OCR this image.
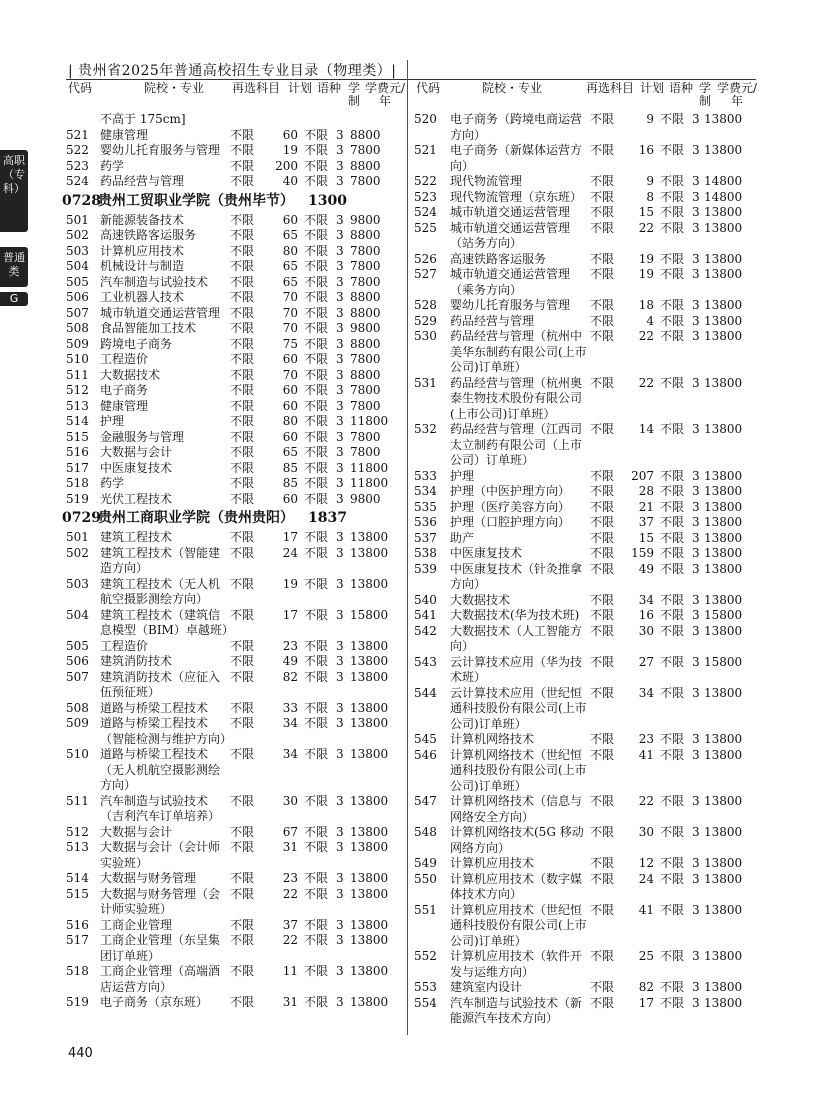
| 贵州省2025年普通高校招生专业目录（物理类）|
高职（专科）
普通类
G
代码	院校・专业 再选科目 计划 语种 学制
学费元/年
不高于 175cm]
521 健康管理	不限	60 不限 3 8800
522 婴幼儿托育服务与管理 不限	19 不限 3 7800
523 药学	不限	200 不限 3 8800
524 药品经营与管理	不限	40 不限 3 7800
0728
贵州工贸职业学院（贵州毕节）	1300
501 新能源装备技术	不限	60 不限 3 9800
502 高速铁路客运服务	不限	65 不限 3 8800
503 计算机应用技术	不限	80 不限 3 7800
504 机械设计与制造	不限	65 不限 3 7800
505 汽车制造与试验技术	不限	65 不限 3 7800
506 工业机器人技术	不限	70 不限 3 8800
507 城市轨道交通运营管理 不限	70 不限 3 8800
508 食品智能加工技术	不限	70 不限 3 9800
509 跨境电子商务	不限	75 不限 3 8800
510 工程造价	不限	60 不限 3 7800
511 大数据技术	不限	70 不限 3 8800
512 电子商务	不限	60 不限 3 7800
513 健康管理	不限	60 不限 3 7800
514 护理	不限	80 不限 3 11800
515 金融服务与管理	不限	60 不限 3 7800
516 大数据与会计	不限	65 不限 3 7800
517 中医康复技术	不限	85 不限 3 11800
518 药学	不限	85 不限 3 11800
519 光伏工程技术	不限	60 不限 3 9800
0729
贵州工商职业学院（贵州贵阳）	1837
501 建筑工程技术	不限	17 不限 3 13800
502 建筑工程技术（智能建造方向）
不限	24 不限 3 13800
503 建筑工程技术（无人机航空摄影测绘方向）
不限	19 不限 3 13800
504 建筑工程技术（建筑信息模型（BIM）卓越班）
不限	17 不限 3 15800
505 工程造价	不限	23 不限 3 13800
506 建筑消防技术	不限	49 不限 3 13800
507 建筑消防技术（应征入伍预征班）
不限	82 不限 3 13800
508 道路与桥梁工程技术	不限	33 不限 3 13800
509 道路与桥梁工程技术（智能检测与维护方向）
不限	34 不限 3 13800
510 道路与桥梁工程技术（无人机航空摄影测绘方向）
不限	34 不限 3 13800
511 汽车制造与试验技术（吉利汽车订单培养）
不限	30 不限 3 13800
512 大数据与会计	不限	67 不限 3 13800
513 大数据与会计（会计师实验班）
不限	31 不限 3 13800
514 大数据与财务管理	不限	23 不限 3 13800
515 大数据与财务管理（会计师实验班）
不限	22 不限 3 13800
516 工商企业管理	不限	37 不限 3 13800
517 工商企业管理（东呈集团订单班）
不限	22 不限 3 13800
518 工商企业管理（高端酒店运营方向）
不限	11 不限 3 13800
519 电子商务（京东班）	不限	31 不限 3 13800
代码	院校・专业	再选科目 计划 语种 学制
学费元/年
520	电子商务（跨境电商运营方向）
不限	9 不限 3 13800
521	电子商务（新媒体运营方向）
不限	16 不限 3 13800
522	现代物流管理	不限	9 不限 3 14800
523	现代物流管理（京东班） 不限	8 不限 3 14800
524	城市轨道交通运营管理	不限	15 不限 3 13800
525	城市轨道交通运营管理（站务方向）
不限	22 不限 3 13800
526	高速铁路客运服务	不限	19 不限 3 13800
527	城市轨道交通运营管理（乘务方向）
不限	19 不限 3 13800
528	婴幼儿托育服务与管理	不限	18 不限 3 13800
529	药品经营与管理	不限	4 不限 3 13800
530	药品经营与管理（杭州中美华东制药有限公司(上市公司)订单班）
不限	22 不限 3 13800
531	药品经营与管理（杭州奥泰生物技术股份有限公司(上市公司)订单班）
不限	22 不限 3 13800
532	药品经营与管理（江西司太立制药有限公司（上市公司）订单班）
不限	14 不限 3 13800
533	护理	不限	207 不限 3 13800
534	护理（中医护理方向）	不限	28 不限 3 13800
535	护理（医疗美容方向）	不限	21 不限 3 13800
536	护理（口腔护理方向）	不限	37 不限 3 13800
537	助产	不限	15 不限 3 13800
538	中医康复技术	不限	159 不限 3 13800
539	中医康复技术（针灸推拿方向）
不限	49 不限 3 13800
540	大数据技术	不限	34 不限 3 13800
541	大数据技术(华为技术班) 不限	16 不限 3 15800
542	大数据技术（人工智能方向）
不限	30 不限 3 13800
543	云计算技术应用（华为技术班）
不限	27 不限 3 15800
544	云计算技术应用（世纪恒通科技股份有限公司(上市公司)订单班）
不限	34 不限 3 13800
545	计算机网络技术	不限	23 不限 3 13800
546	计算机网络技术（世纪恒通科技股份有限公司(上市公司)订单班）
不限	41 不限 3 13800
547	计算机网络技术（信息与网络安全方向）
不限	22 不限 3 13800
548	计算机网络技术(5G 移动网络方向）
不限	30 不限 3 13800
549	计算机应用技术	不限	12 不限 3 13800
550	计算机应用技术（数字媒体技术方向）
不限	24 不限 3 13800
551	计算机应用技术（世纪恒通科技股份有限公司(上市公司)订单班）
不限	41 不限 3 13800
552	计算机应用技术（软件开发与运维方向）
不限	25 不限 3 13800
553	建筑室内设计	不限	82 不限 3 13800
554	汽车制造与试验技术（新能源汽车技术方向）
不限	17 不限 3 13800
440
